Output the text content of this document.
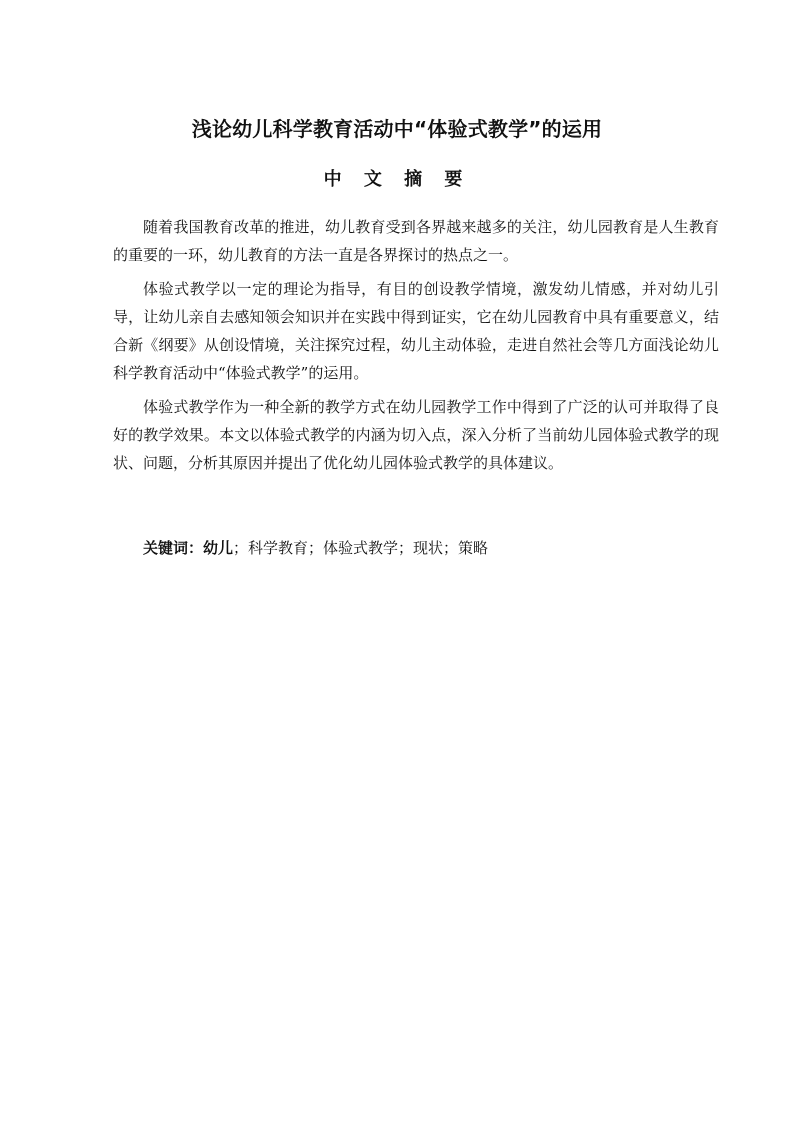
浅论幼儿科学教育活动中“体验式教学”的运用
中 文 摘 要

随着我国教育改革的推进，幼儿教育受到各界越来越多的关注，幼儿园教育是人生教育的重要的一环，幼儿教育的方法一直是各界探讨的热点之一。

体验式教学以一定的理论为指导，有目的创设教学情境，激发幼儿情感，并对幼儿引导，让幼儿亲自去感知领会知识并在实践中得到证实，它在幼儿园教育中具有重要意义，结合新《纲要》从创设情境，关注探究过程，幼儿主动体验，走进自然社会等几方面浅论幼儿科学教育活动中“体验式教学”的运用。

体验式教学作为一种全新的教学方式在幼儿园教学工作中得到了广泛的认可并取得了良好的教学效果。本文以体验式教学的内涵为切入点，深入分析了当前幼儿园体验式教学的现状、问题，分析其原因并提出了优化幼儿园体验式教学的具体建议。

关键词：幼儿；科学教育；体验式教学；现状；策略
